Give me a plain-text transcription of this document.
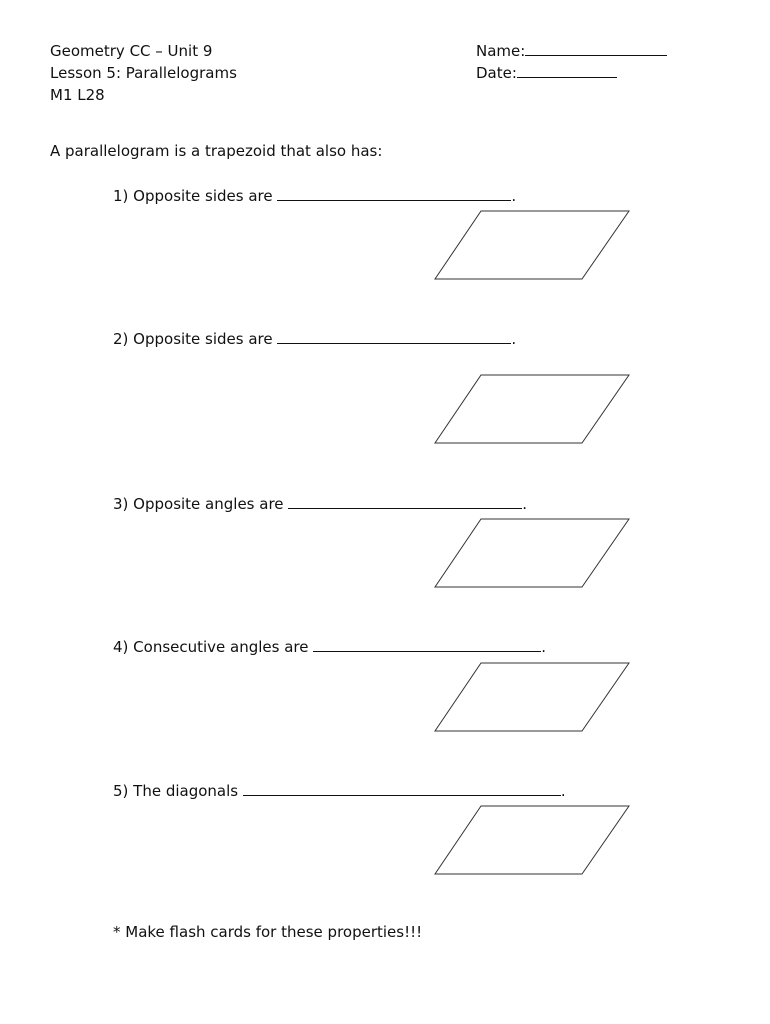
Geometry CC – Unit 9
Lesson 5: Parallelograms
M1 L28
Name:
Date:
A parallelogram is a trapezoid that also has:
1) Opposite sides are	.
2) Opposite sides are	.
3) Opposite angles are	.
4) Consecutive angles are	.
5) The diagonals	.
* Make flash cards for these properties!!!
